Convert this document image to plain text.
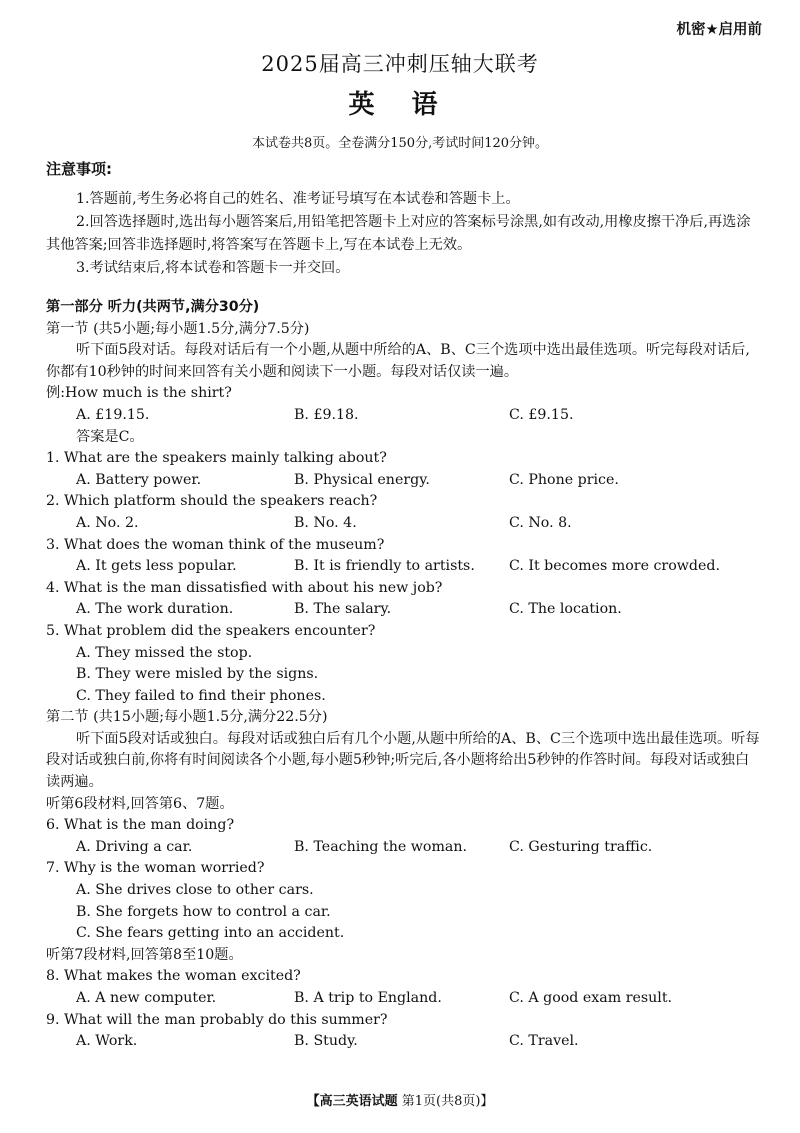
机密★启用前
2025届高三冲刺压轴大联考
英 语
本试卷共8页。全卷满分150分,考试时间120分钟。
注意事项:

1.答题前,考生务必将自己的姓名、准考证号填写在本试卷和答题卡上。

2.回答选择题时,选出每小题答案后,用铅笔把答题卡上对应的答案标号涂黑,如有改动,用橡皮擦干净后,再选涂其他答案;回答非选择题时,将答案写在答题卡上,写在本试卷上无效。

3.考试结束后,将本试卷和答题卡一并交回。

第一部分 听力(共两节,满分30分)
第一节 (共5小题;每小题1.5分,满分7.5分)

听下面5段对话。每段对话后有一个小题,从题中所给的A、B、C三个选项中选出最佳选项。听完每段对话后,你都有10秒钟的时间来回答有关小题和阅读下一小题。每段对话仅读一遍。

例:How much is the shirt?
A. £19.15.	B. £9.18.	C. £9.15.
答案是C。
1. What are the speakers mainly talking about?
A. Battery power.	B. Physical energy.	C. Phone price.
2. Which platform should the speakers reach?
A. No. 2.	B. No. 4.	C. No. 8.
3. What does the woman think of the museum?
A. It gets less popular.	B. It is friendly to artists. C. It becomes more crowded.
4. What is the man dissatisfied with about his new job?
A. The work duration.	B. The salary.	C. The location.
5. What problem did the speakers encounter?
A. They missed the stop.
B. They were misled by the signs.
C. They failed to find their phones.
第二节 (共15小题;每小题1.5分,满分22.5分)

听下面5段对话或独白。每段对话或独白后有几个小题,从题中所给的A、B、C三个选项中选出最佳选项。听每段对话或独白前,你将有时间阅读各个小题,每小题5秒钟;听完后,各小题将给出5秒钟的作答时间。每段对话或独白读两遍。

听第6段材料,回答第6、7题。
6. What is the man doing?
A. Driving a car.	B. Teaching the woman.	C. Gesturing traffic.
7. Why is the woman worried?
A. She drives close to other cars.
B. She forgets how to control a car.
C. She fears getting into an accident.
听第7段材料,回答第8至10题。
8. What makes the woman excited?
A. A new computer.	B. A trip to England.	C. A good exam result.
9. What will the man probably do this summer?
A. Work.	B. Study.	C. Travel.
【高三英语试题 第1页(共8页)】
